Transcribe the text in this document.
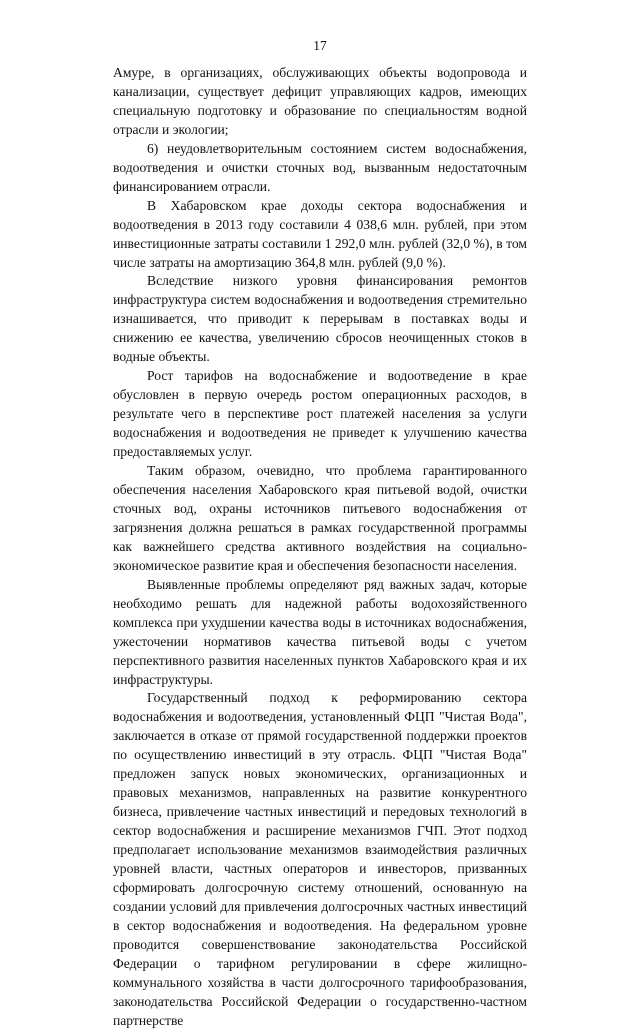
17

Амуре, в организациях, обслуживающих объекты водопровода и канализации, существует дефицит управляющих кадров, имеющих специальную подготовку и образование по специальностям водной отрасли и экологии;

6) неудовлетворительным состоянием систем водоснабжения, водоотведения и очистки сточных вод, вызванным недостаточным финансированием отрасли.

В Хабаровском крае доходы сектора водоснабжения и водоотведения в 2013 году составили 4 038,6 млн. рублей, при этом инвестиционные затраты составили 1 292,0 млн. рублей (32,0 %), в том числе затраты на амортизацию 364,8 млн. рублей (9,0 %).

Вследствие низкого уровня финансирования ремонтов инфраструктура систем водоснабжения и водоотведения стремительно изнашивается, что приводит к перерывам в поставках воды и снижению ее качества, увеличению сбросов неочищенных стоков в водные объекты.

Рост тарифов на водоснабжение и водоотведение в крае обусловлен в первую очередь ростом операционных расходов, в результате чего в перспективе рост платежей населения за услуги водоснабжения и водоотведения не приведет к улучшению качества предоставляемых услуг.

Таким образом, очевидно, что проблема гарантированного обеспечения населения Хабаровского края питьевой водой, очистки сточных вод, охраны источников питьевого водоснабжения от загрязнения должна решаться в рамках государственной программы как важнейшего средства активного воздействия на социально-экономическое развитие края и обеспечения безопасности населения.

Выявленные проблемы определяют ряд важных задач, которые необходимо решать для надежной работы водохозяйственного комплекса при ухудшении качества воды в источниках водоснабжения, ужесточении нормативов качества питьевой воды с учетом перспективного развития населенных пунктов Хабаровского края и их инфраструктуры.

Государственный подход к реформированию сектора водоснабжения и водоотведения, установленный ФЦП "Чистая Вода", заключается в отказе от прямой государственной поддержки проектов по осуществлению инвестиций в эту отрасль. ФЦП "Чистая Вода" предложен запуск новых экономических, организационных и правовых механизмов, направленных на развитие конкурентного бизнеса, привлечение частных инвестиций и передовых технологий в сектор водоснабжения и расширение механизмов ГЧП. Этот подход предполагает использование механизмов взаимодействия различных уровней власти, частных операторов и инвесторов, призванных сформировать долгосрочную систему отношений, основанную на создании условий для привлечения долгосрочных частных инвестиций в сектор водоснабжения и водоотведения. На федеральном уровне проводится совершенствование законодательства Российской Федерации о тарифном регулировании в сфере жилищно-коммунального хозяйства в части долгосрочного тарифообразования, законодательства Российской Федерации о государственно-частном партнерстве
